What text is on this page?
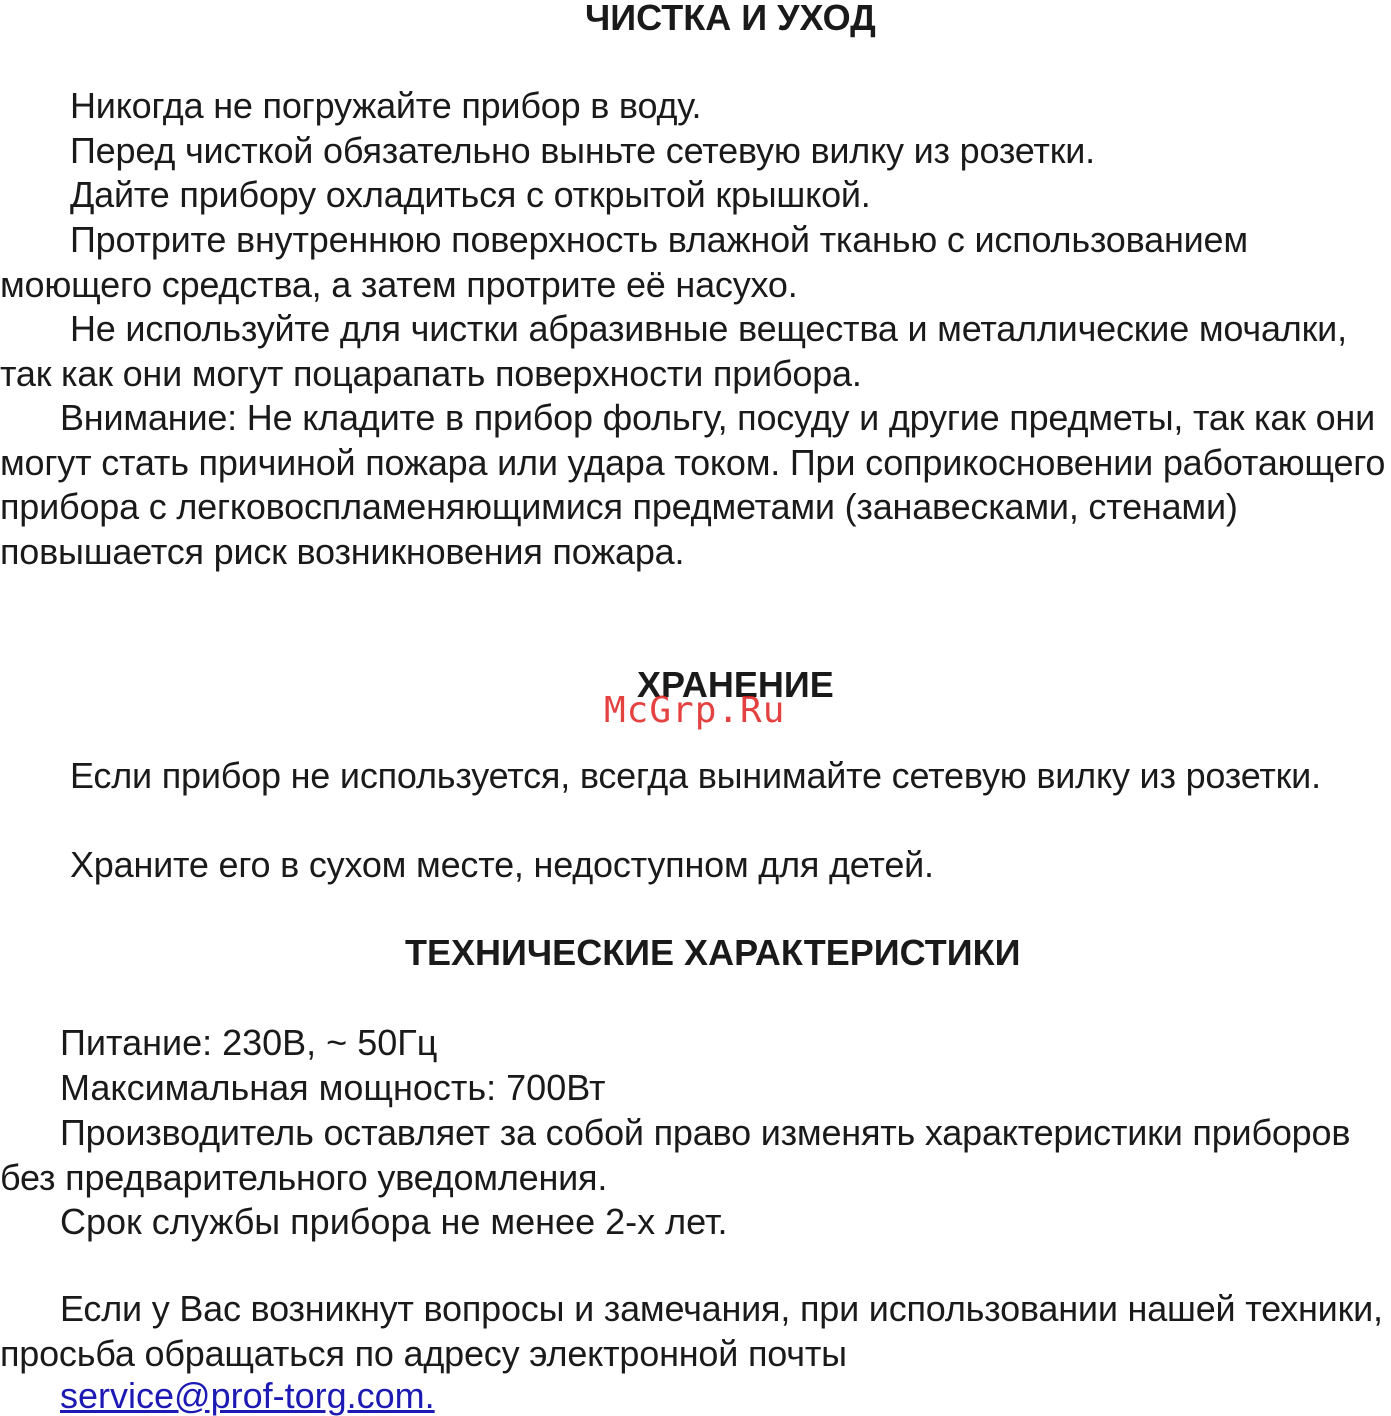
ЧИСТКА И УХОД

Никогда не погружайте прибор в воду.

Перед чисткой обязательно выньте сетевую вилку из розетки.

Дайте прибору охладиться с открытой крышкой.

Протрите внутреннюю поверхность влажной тканью с использованием моющего средства, а затем протрите её насухо.

Не используйте для чистки абразивные вещества и металлические мочалки, так как они могут поцарапать поверхности прибора.

Внимание: Не кладите в прибор фольгу, посуду и другие предметы, так как они могут стать причиной пожара или удара током. При соприкосновении работающего прибора с легковоспламеняющимися предметами (занавесками, стенами) повышается риск возникновения пожара.

ХРАНЕНИЕ
McGrp.Ru

Если прибор не используется, всегда вынимайте сетевую вилку из розетки.

Храните его в сухом месте, недоступном для детей.

ТЕХНИЧЕСКИЕ ХАРАКТЕРИСТИКИ

Питание: 230В, ~ 50Гц

Максимальная мощность: 700Вт

Производитель оставляет за собой право изменять характеристики приборов без предварительного уведомления.

Срок службы прибора не менее 2-х лет.

Если у Вас возникнут вопросы и замечания, при использовании нашей техники, просьба обращаться по адресу электронной почты

service@prof-torg.com.
